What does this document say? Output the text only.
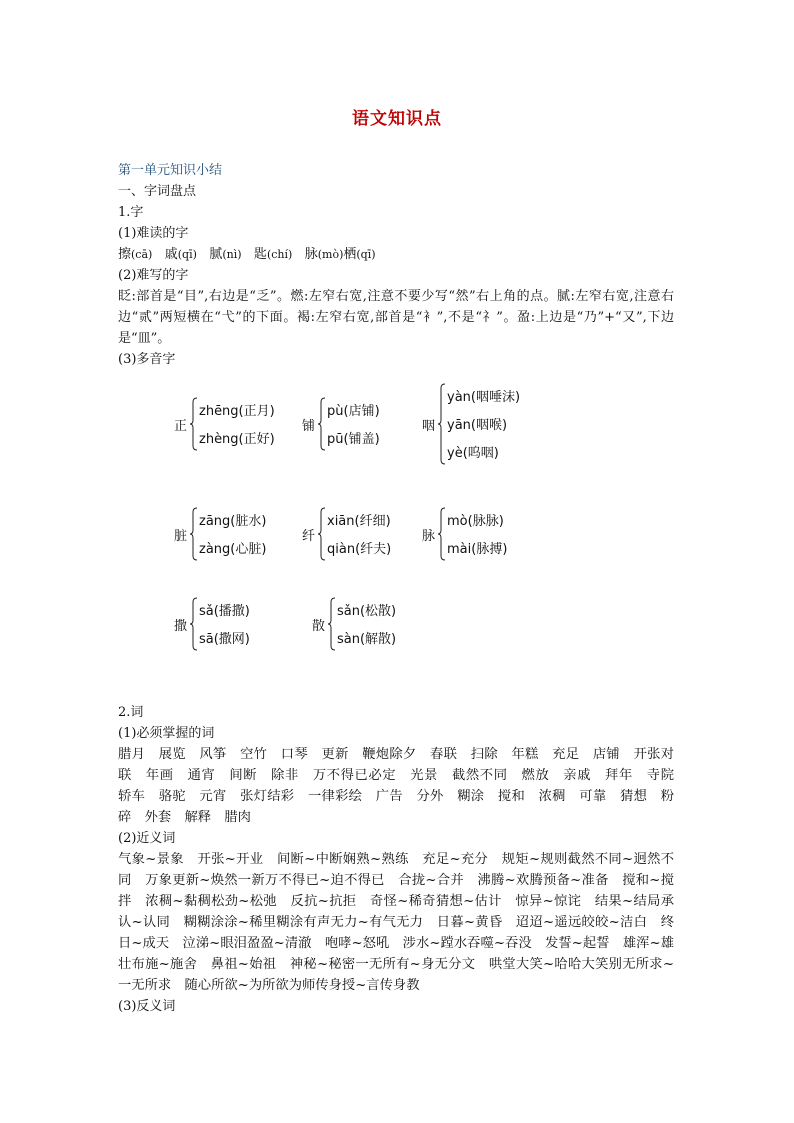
语文知识点
第一单元知识小结
一、字词盘点
1.字
(1)难读的字
擦(cā) 戚(qī) 腻(nì) 匙(chí) 脉(mò)栖(qī)
(2)难写的字
眨:部首是“目”,右边是“乏”。燃:左窄右宽,注意不要少写“然”右上角的点。腻:左窄右宽,注意右边“贰”两短横在“弋”的下面。褐:左窄右宽,部首是“衤”,不是“礻”。盈:上边是“乃”+“又”,下边是“皿”。
(3)多音字
正
zhēng(正月)
zhèng(正好)
铺
pù(店铺)
pū(铺盖)
咽
yàn(咽唾沫)
yān(咽喉)
yè(呜咽)
脏
zāng(脏水)
zàng(心脏)
纤
xiān(纤细)
qiàn(纤夫)
脉
mò(脉脉)
mài(脉搏)
撒
sǎ(播撒)
sā(撒网)
散
sǎn(松散)
sàn(解散)
2.词
(1)必须掌握的词
腊月　展览　风筝　空竹　口琴　更新　鞭炮除夕　春联　扫除　年糕　充足　店铺　开张对联　年画　通宵　间断　除非　万不得已必定　光景　截然不同　燃放　亲戚　拜年　寺院　轿车　骆驼　元宵　张灯结彩　一律彩绘　广告　分外　糊涂　搅和　浓稠　可靠　猜想　粉碎　外套　解释　腊肉
(2)近义词
气象~景象　开张~开业　间断~中断娴熟~熟练　充足~充分　规矩~规则截然不同~迥然不同　万象更新~焕然一新万不得已~迫不得已　合拢~合并　沸腾~欢腾预备~准备　搅和~搅拌　浓稠~黏稠松劲~松弛　反抗~抗拒　奇怪~稀奇猜想~估计　惊异~惊诧　结果~结局承认~认同　糊糊涂涂~稀里糊涂有声无力~有气无力　日暮~黄昏　迢迢~遥远皎皎~洁白　终日~成天　泣涕~眼泪盈盈~清澈　咆哮~怒吼　涉水~蹚水吞噬~吞没　发誓~起誓　雄浑~雄壮布施~施舍　鼻祖~始祖　神秘~秘密一无所有~身无分文　哄堂大笑~哈哈大笑别无所求~一无所求　随心所欲~为所欲为师传身授~言传身教
(3)反义词
